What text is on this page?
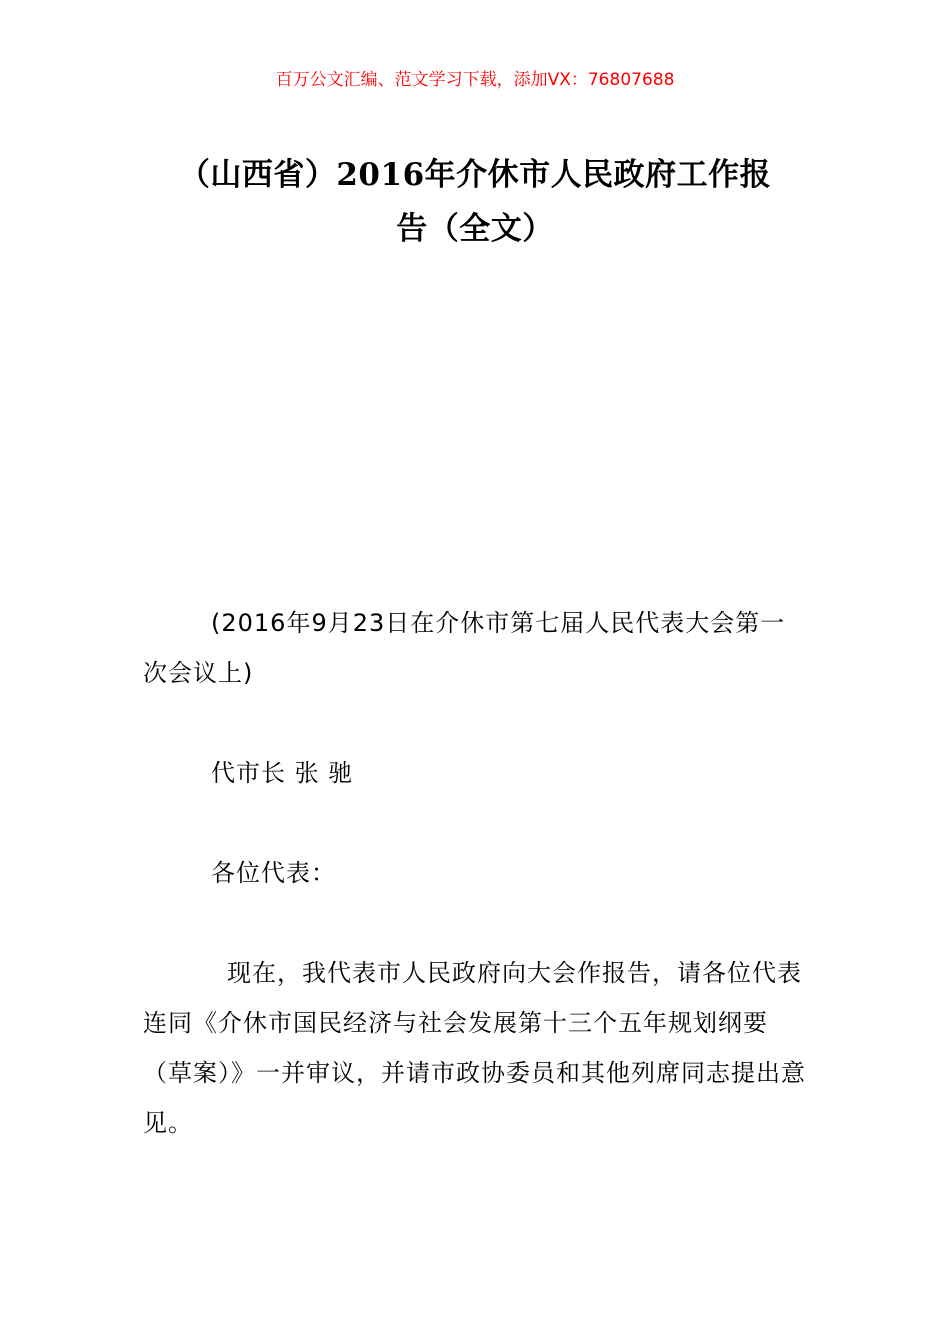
百万公文汇编、范文学习下载，添加VX：76807688
（山西省）2016年介休市人民政府工作报
告（全文）
(2016年9月23日在介休市第七届人民代表大会第一次会议上)
代市长 张 驰
各位代表：
现在，我代表市人民政府向大会作报告，请各位代表连同《介休市国民经济与社会发展第十三个五年规划纲要（草案）》一并审议，并请市政协委员和其他列席同志提出意见。
